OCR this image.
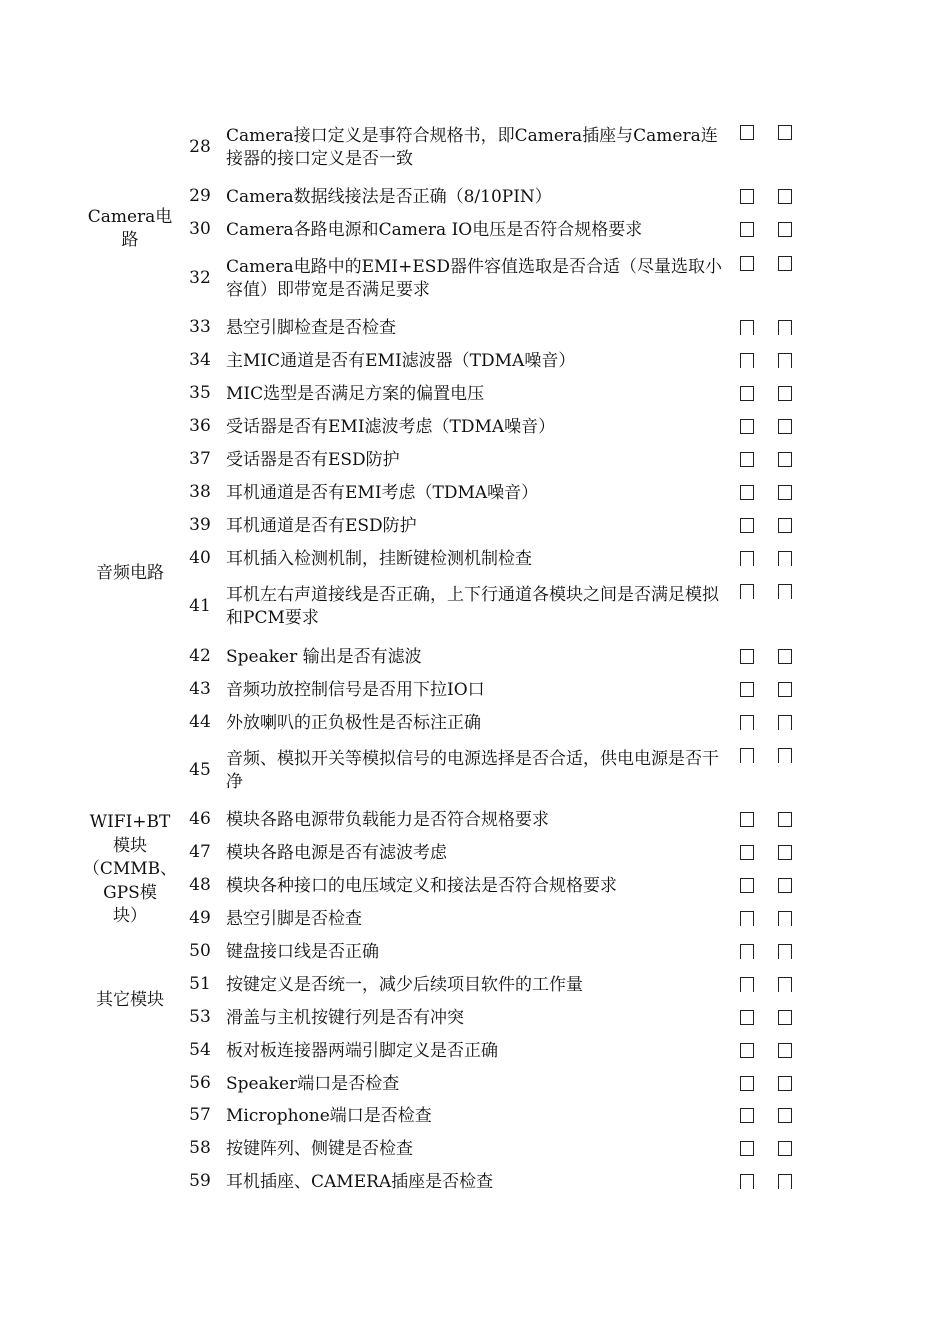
Camera电
路
音频电路
WIFI+BT
模块
（CMMB、
GPS模
块）
其它模块
28
Camera接口定义是事符合规格书，即Camera插座与Camera连接器的接口定义是否一致
29 Camera数据线接法是否正确（8/10PIN）
30 Camera各路电源和Camera IO电压是否符合规格要求
32
Camera电路中的EMI+ESD器件容值选取是否合适（尽量选取小容值）即带宽是否满足要求
33 悬空引脚检查是否检查
34 主MIC通道是否有EMI滤波器（TDMA噪音）
35 MIC选型是否满足方案的偏置电压
36 受话器是否有EMI滤波考虑（TDMA噪音）
37 受话器是否有ESD防护
38 耳机通道是否有EMI考虑（TDMA噪音）
39 耳机通道是否有ESD防护
40 耳机插入检测机制，挂断键检测机制检查
41
耳机左右声道接线是否正确，上下行通道各模块之间是否满足模拟和PCM要求
42 Speaker 输出是否有滤波
43 音频功放控制信号是否用下拉IO口
44 外放喇叭的正负极性是否标注正确
45
音频、模拟开关等模拟信号的电源选择是否合适，供电电源是否干净
46 模块各路电源带负载能力是否符合规格要求
47 模块各路电源是否有滤波考虑
48 模块各种接口的电压域定义和接法是否符合规格要求
49 悬空引脚是否检查
50 键盘接口线是否正确
51 按键定义是否统一，减少后续项目软件的工作量
53 滑盖与主机按键行列是否有冲突
54 板对板连接器两端引脚定义是否正确
56 Speaker端口是否检查
57 Microphone端口是否检查
58 按键阵列、侧键是否检查
59 耳机插座、CAMERA插座是否检查
